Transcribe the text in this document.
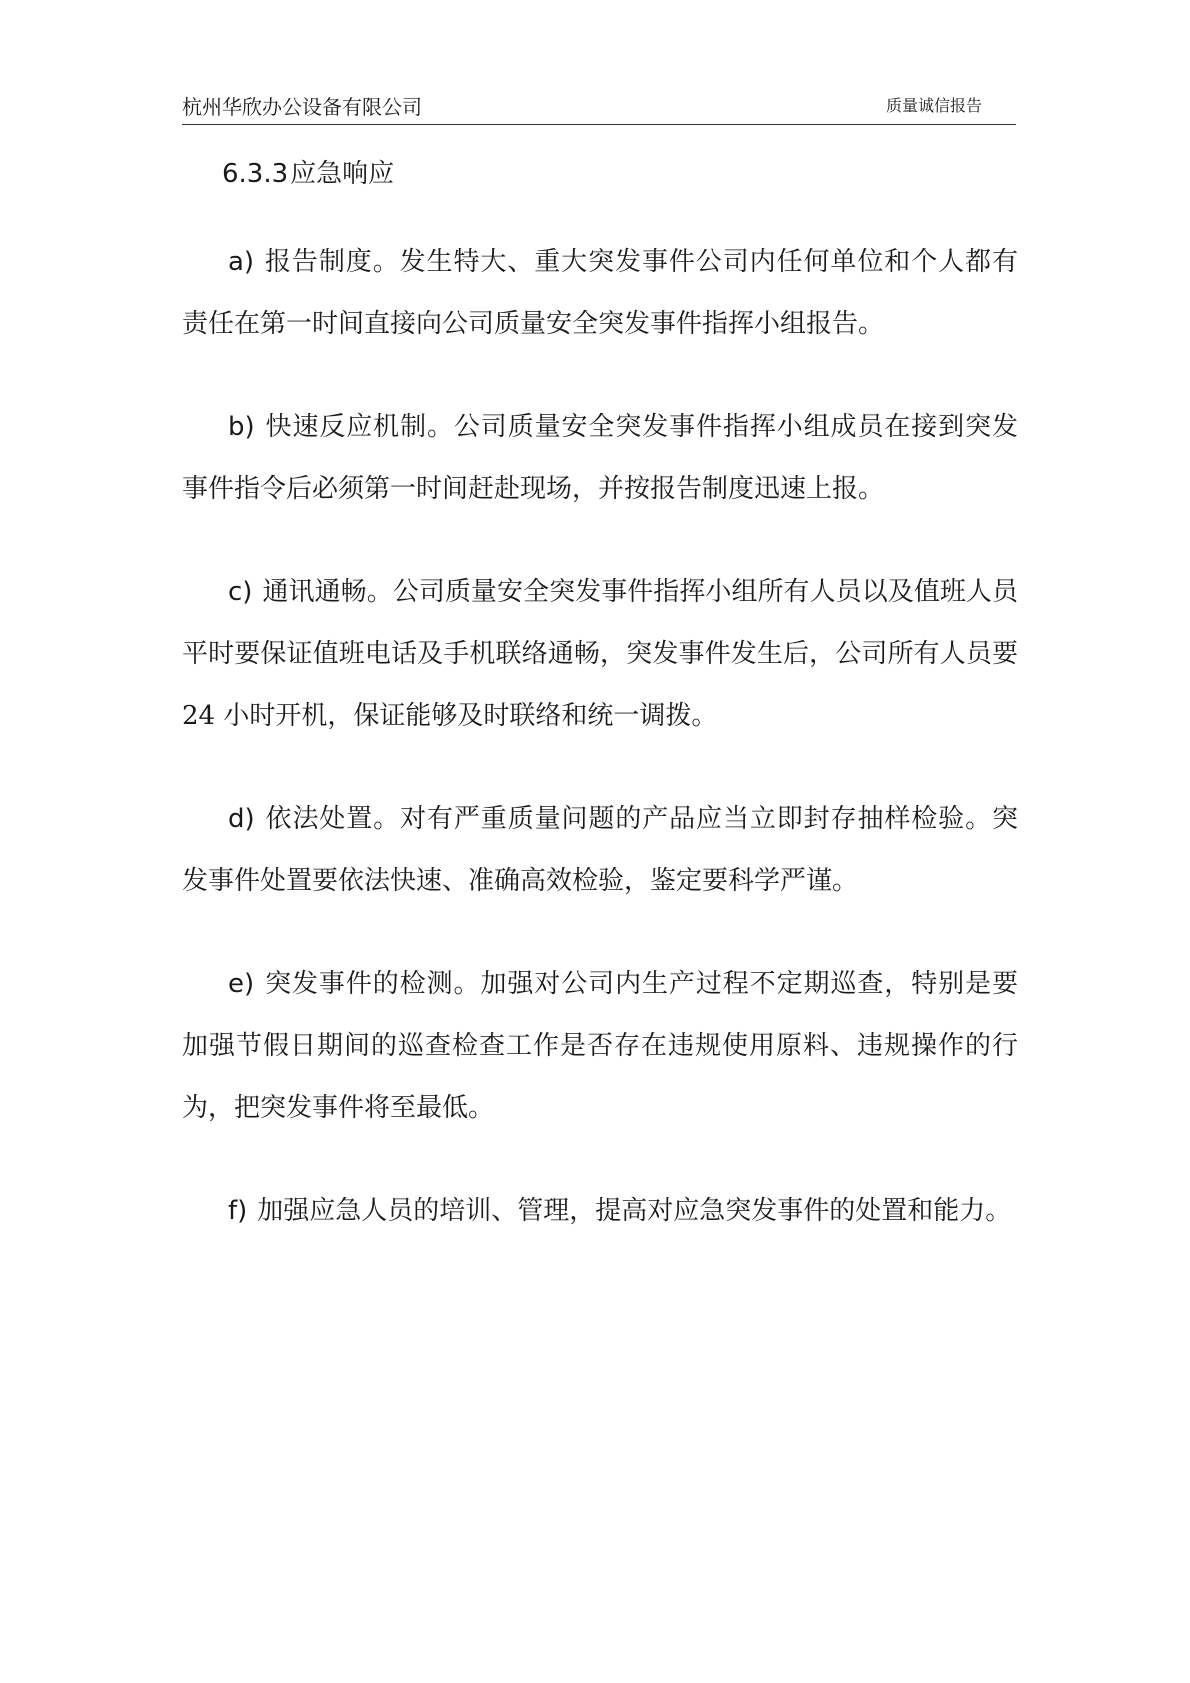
杭州华欣办公设备有限公司	质量诚信报告
6.3.3应急响应

a) 报告制度。发生特大、重大突发事件公司内任何单位和个人都有责任在第一时间直接向公司质量安全突发事件指挥小组报告。

b) 快速反应机制。公司质量安全突发事件指挥小组成员在接到突发事件指令后必须第一时间赶赴现场，并按报告制度迅速上报。

c) 通讯通畅。公司质量安全突发事件指挥小组所有人员以及值班人员平时要保证值班电话及手机联络通畅，突发事件发生后，公司所有人员要 24 小时开机，保证能够及时联络和统一调拨。

d) 依法处置。对有严重质量问题的产品应当立即封存抽样检验。突发事件处置要依法快速、准确高效检验，鉴定要科学严谨。

e) 突发事件的检测。加强对公司内生产过程不定期巡查，特别是要加强节假日期间的巡查检查工作是否存在违规使用原料、违规操作的行为，把突发事件将至最低。

f) 加强应急人员的培训、管理，提高对应急突发事件的处置和能力。
